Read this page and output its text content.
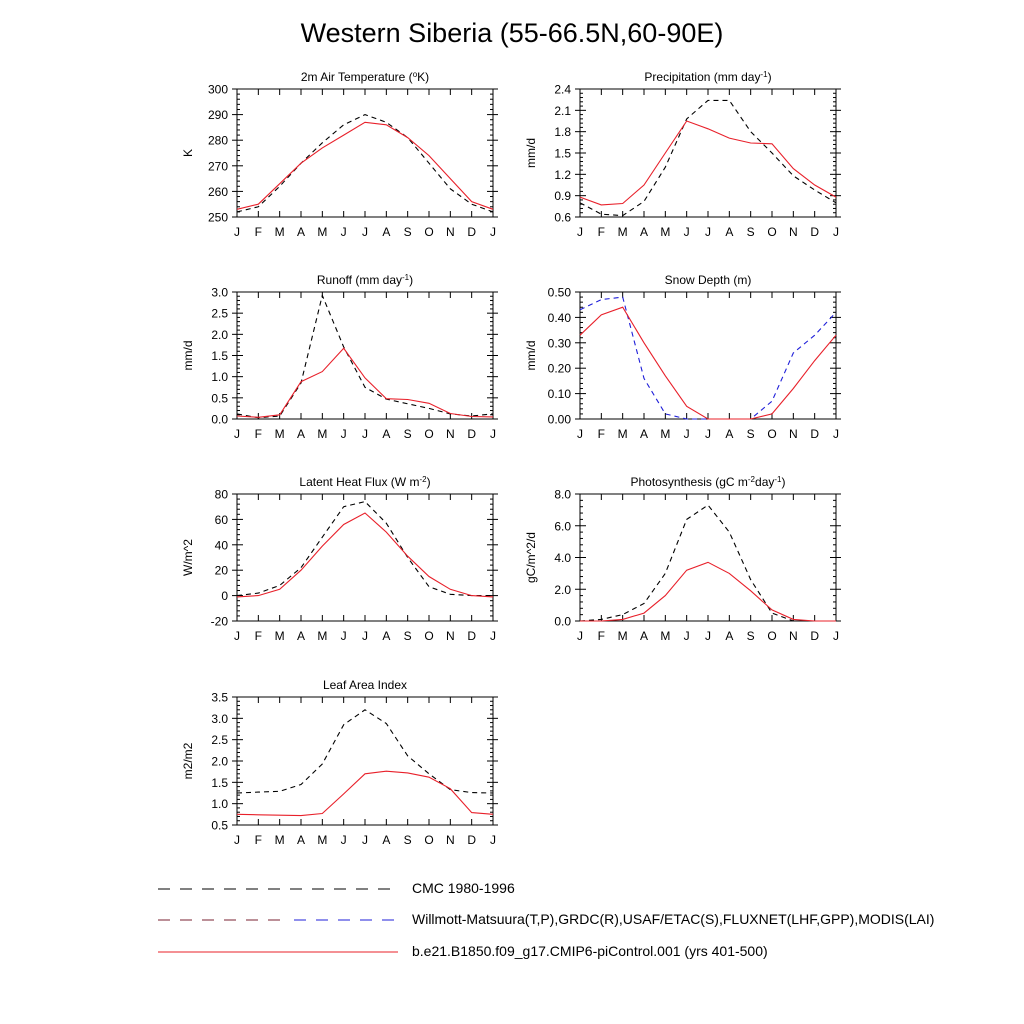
Western Siberia (55-66.5N,60-90E)
J F M A M J J A S O N D J
250
260
270
280
290
300
2m Air Temperature ($^o$K)
K
J F M A M J J A S O N D J
0.6
0.9
1.2
1.5
1.8
2.1
2.4
Precipitation (mm day$^{-1}$)
mm/d
J F M A M J J A S O N D J
0.0
0.5
1.0
1.5
2.0
2.5
3.0
Runoff (mm day$^{-1}$)
mm/d
J F M A M J J A S O N D J
0.00
0.10
0.20
0.30
0.40
0.50
Snow Depth (m)
mm/d
J F M A M J J A S O N D J
-20
0
20
40
60
80
Latent Heat Flux (W $m^{-2}$)
W/m^2
J F M A M J J A S O N D J
0.0
2.0
4.0
6.0
8.0
Photosynthesis (gC $m^{-2}day^{-1}$)
gC/m^2/d
J F M A M J J A S O N D J
0.5
1.0
1.5
2.0
2.5
3.0
3.5
Leaf Area Index
m2/m2
CMC 1980-1996
Willmott-Matsuura(T,P),GRDC(R),USAF/ETAC(S),FLUXNET(LHF,GPP),MODIS(LAI)
b.e21.B1850.f09_g17.CMIP6-piControl.001 (yrs 401-500)
